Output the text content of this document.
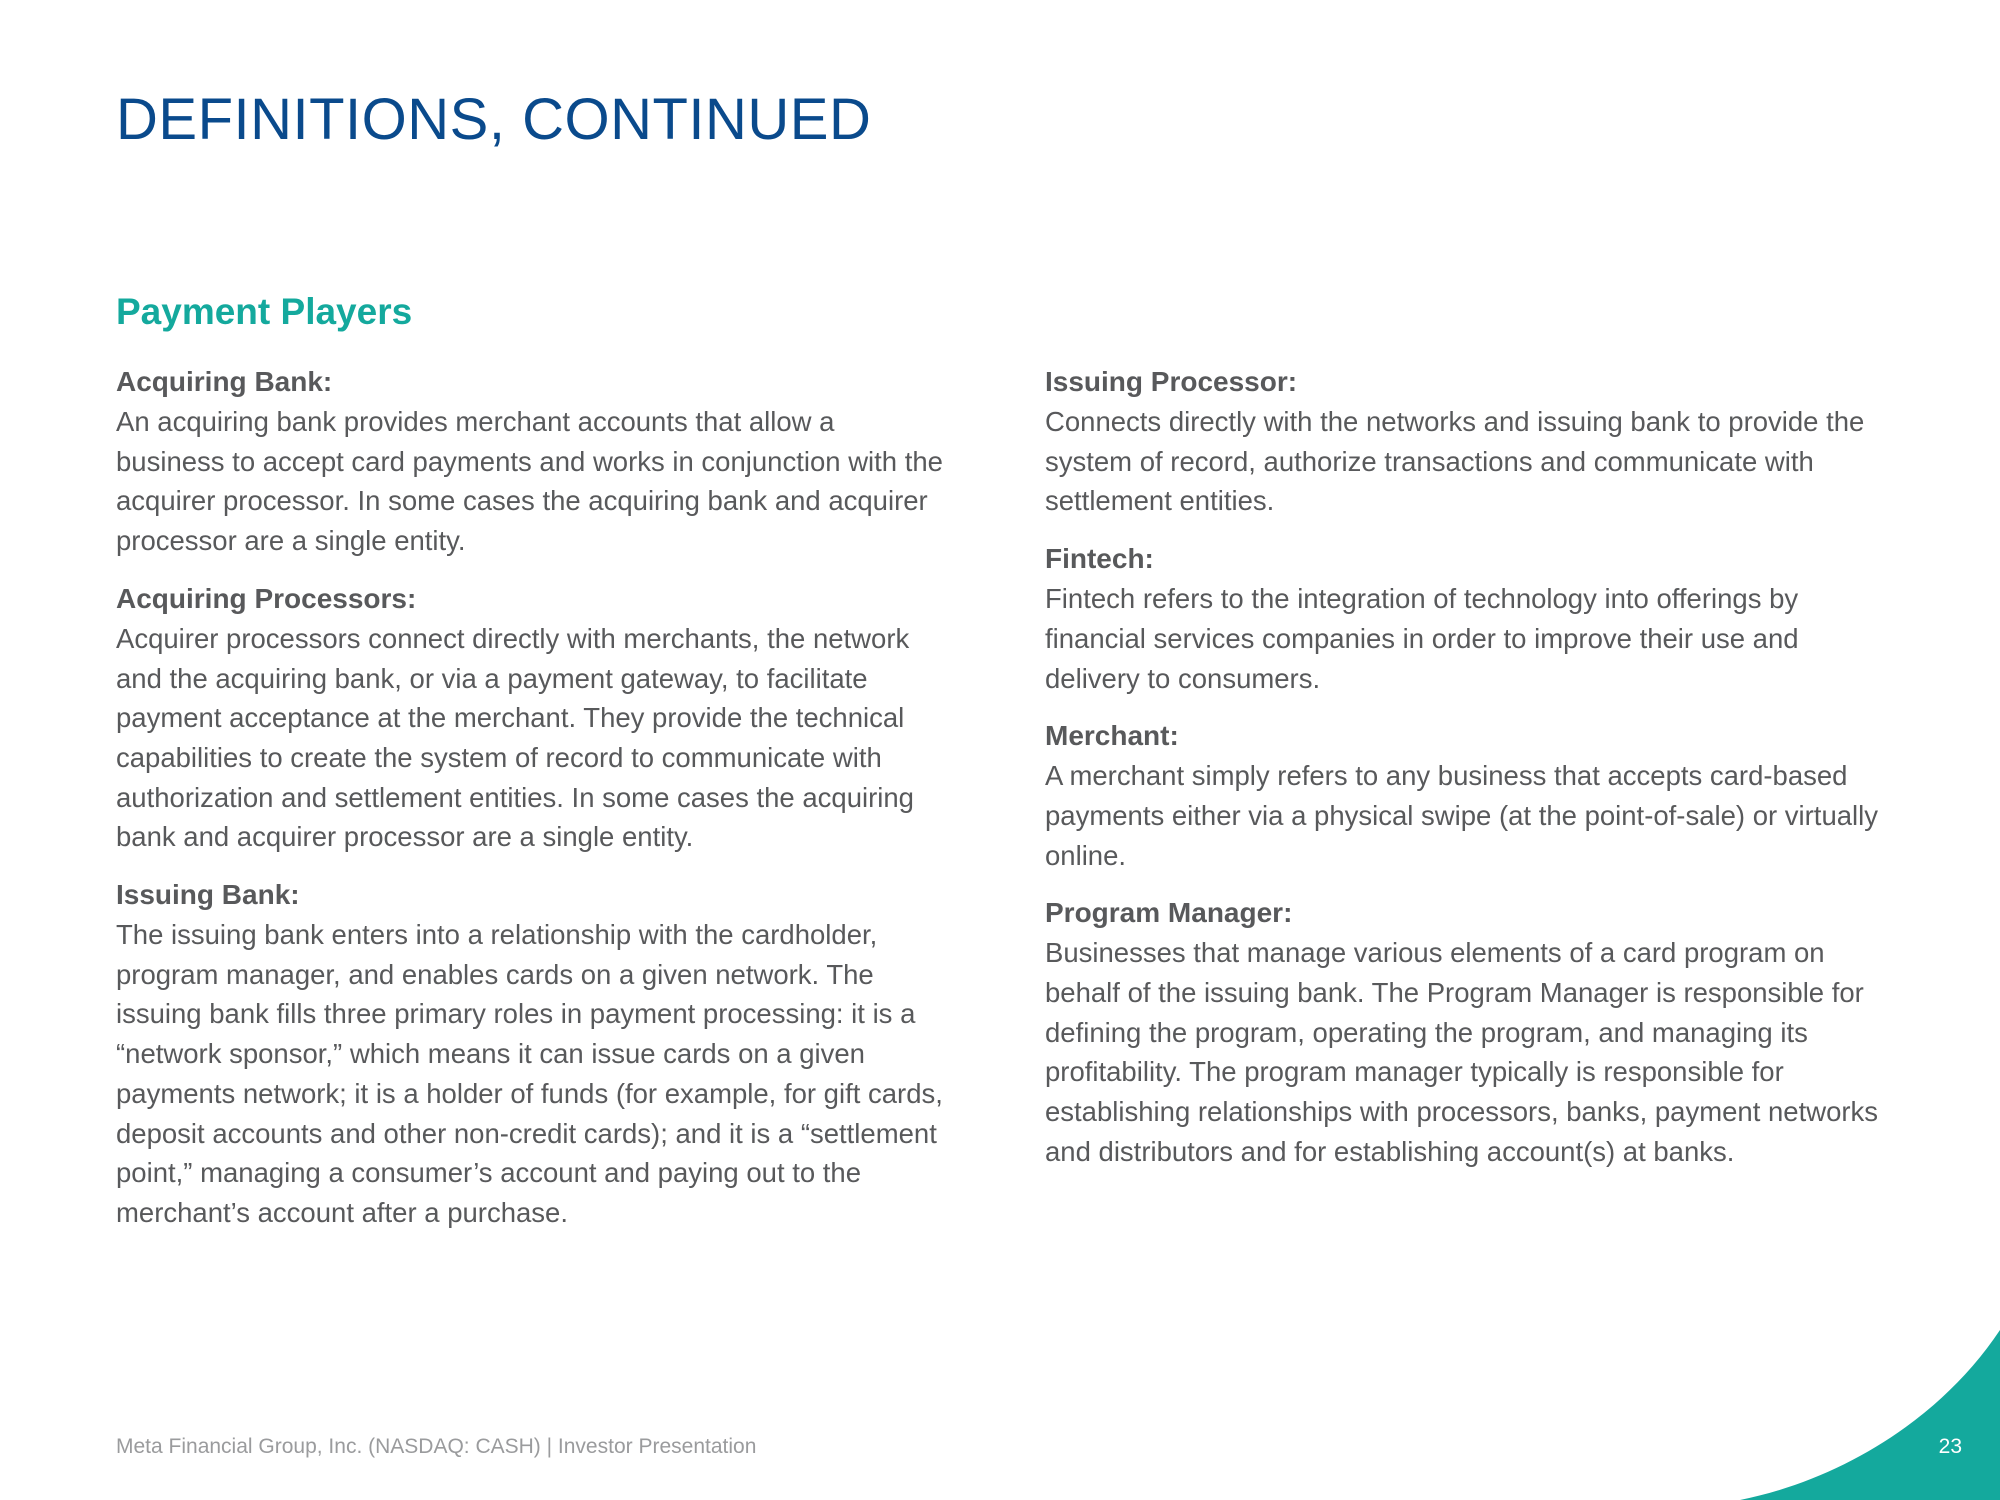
DEFINITIONS, CONTINUED
Payment Players
Acquiring Bank:
An acquiring bank provides merchant accounts that allow a business to accept card payments and works in conjunction with the acquirer processor. In some cases the acquiring bank and acquirer processor are a single entity.
Acquiring Processors:
Acquirer processors connect directly with merchants, the network and the acquiring bank, or via a payment gateway, to facilitate payment acceptance at the merchant. They provide the technical capabilities to create the system of record to communicate with authorization and settlement entities. In some cases the acquiring bank and acquirer processor are a single entity.
Issuing Bank:
The issuing bank enters into a relationship with the cardholder, program manager, and enables cards on a given network. The issuing bank fills three primary roles in payment processing: it is a “network sponsor,” which means it can issue cards on a given payments network; it is a holder of funds (for example, for gift cards, deposit accounts and other non-credit cards); and it is a “settlement point,” managing a consumer’s account and paying out to the merchant’s account after a purchase.
Issuing Processor:
Connects directly with the networks and issuing bank to provide the system of record, authorize transactions and communicate with settlement entities.
Fintech:
Fintech refers to the integration of technology into offerings by financial services companies in order to improve their use and delivery to consumers.
Merchant:
A merchant simply refers to any business that accepts card-based payments either via a physical swipe (at the point-of-sale) or virtually online.
Program Manager:
Businesses that manage various elements of a card program on behalf of the issuing bank. The Program Manager is responsible for defining the program, operating the program, and managing its profitability. The program manager typically is responsible for establishing relationships with processors, banks, payment networks and distributors and for establishing account(s) at banks.
Meta Financial Group, Inc. (NASDAQ: CASH) | Investor Presentation	23
